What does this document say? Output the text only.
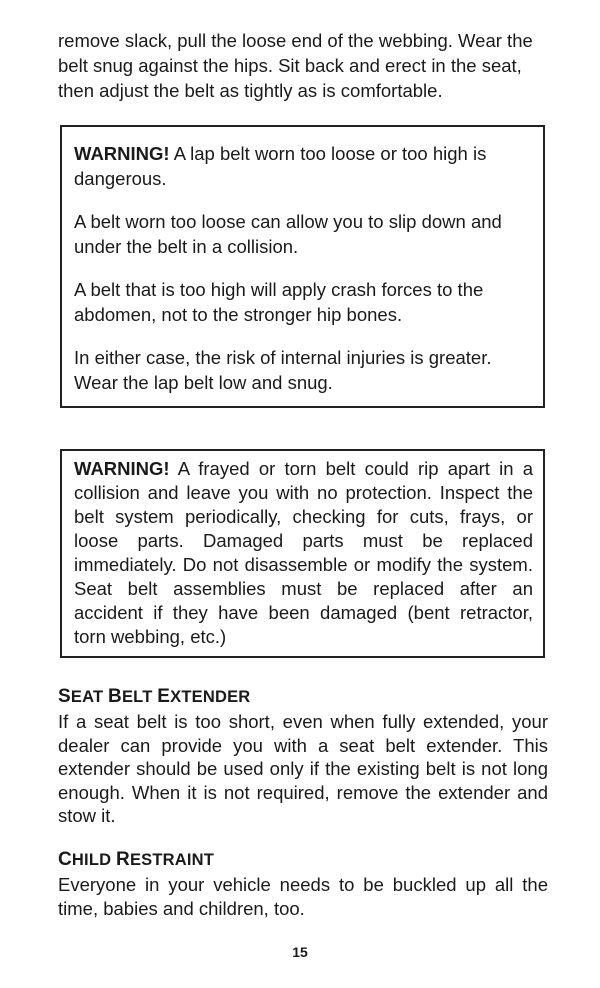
remove slack, pull the loose end of the webbing. Wear the belt snug against the hips. Sit back and erect in the seat, then adjust the belt as tightly as is comfortable.

WARNING! A lap belt worn too loose or too high is dangerous.

A belt worn too loose can allow you to slip down and under the belt in a collision.

A belt that is too high will apply crash forces to the abdomen, not to the stronger hip bones.

In either case, the risk of internal injuries is greater. Wear the lap belt low and snug.

WARNING! A frayed or torn belt could rip apart in a collision and leave you with no protection. Inspect the belt system periodically, checking for cuts, frays, or loose parts. Damaged parts must be replaced immediately. Do not disassemble or modify the system. Seat belt assemblies must be replaced after an accident if they have been damaged (bent retractor, torn webbing, etc.)

SEAT BELT EXTENDER

If a seat belt is too short, even when fully extended, your dealer can provide you with a seat belt extender. This extender should be used only if the existing belt is not long enough. When it is not required, remove the extender and stow it.

CHILD RESTRAINT

Everyone in your vehicle needs to be buckled up all the time, babies and children, too.

15
